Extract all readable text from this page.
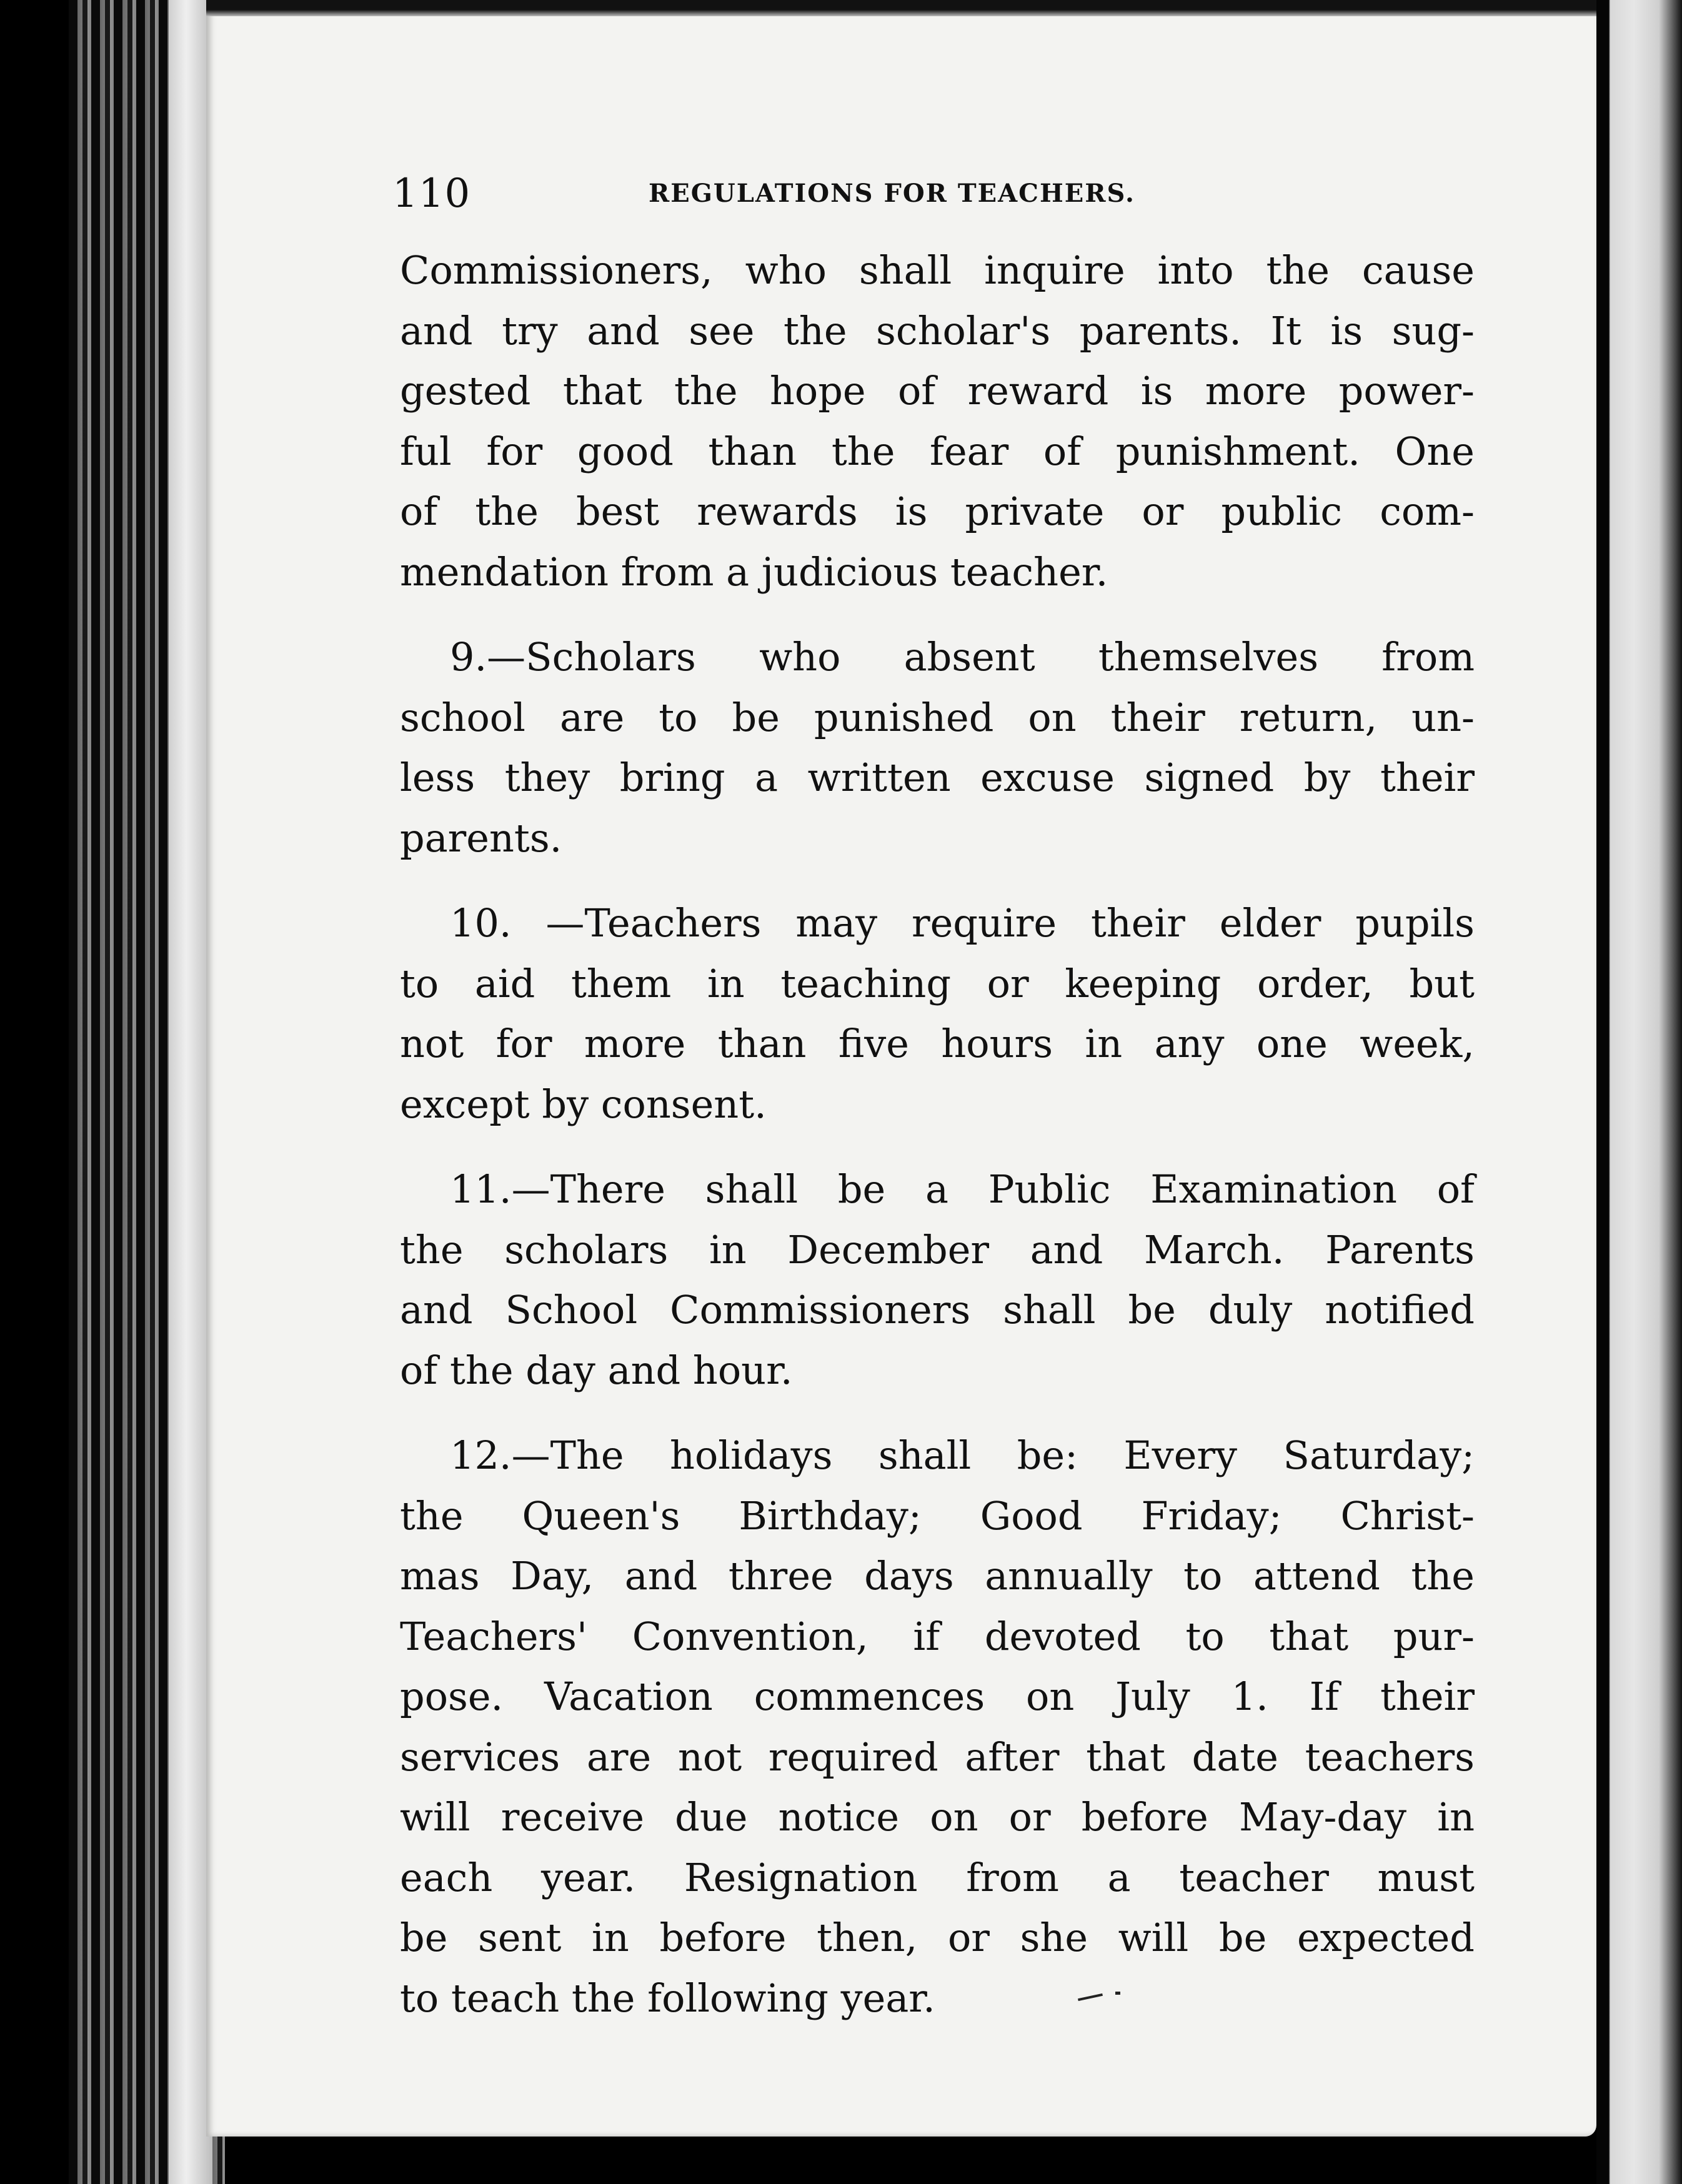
110	REGULATIONS FOR TEACHERS.

Commissioners, who shall inquire into the cause
and try and see the scholar's parents. It is sug-
gested that the hope of reward is more power-
ful for good than the fear of punishment. One
of the best rewards is private or public com-
mendation from a judicious teacher.

9.—Scholars who absent themselves from
school are to be punished on their return, un-
less they bring a written excuse signed by their
parents.

10. —Teachers may require their elder pupils
to aid them in teaching or keeping order, but
not for more than five hours in any one week,
except by consent.

11.—There shall be a Public Examination of
the scholars in December and March. Parents
and School Commissioners shall be duly notified
of the day and hour.

12.—The holidays shall be: Every Saturday;
the Queen's Birthday; Good Friday; Christ-
mas Day, and three days annually to attend the
Teachers' Convention, if devoted to that pur-
pose. Vacation commences on July 1. If their
services are not required after that date teachers
will receive due notice on or before May-day in
each year. Resignation from a teacher must
be sent in before then, or she will be expected
to teach the following year.
